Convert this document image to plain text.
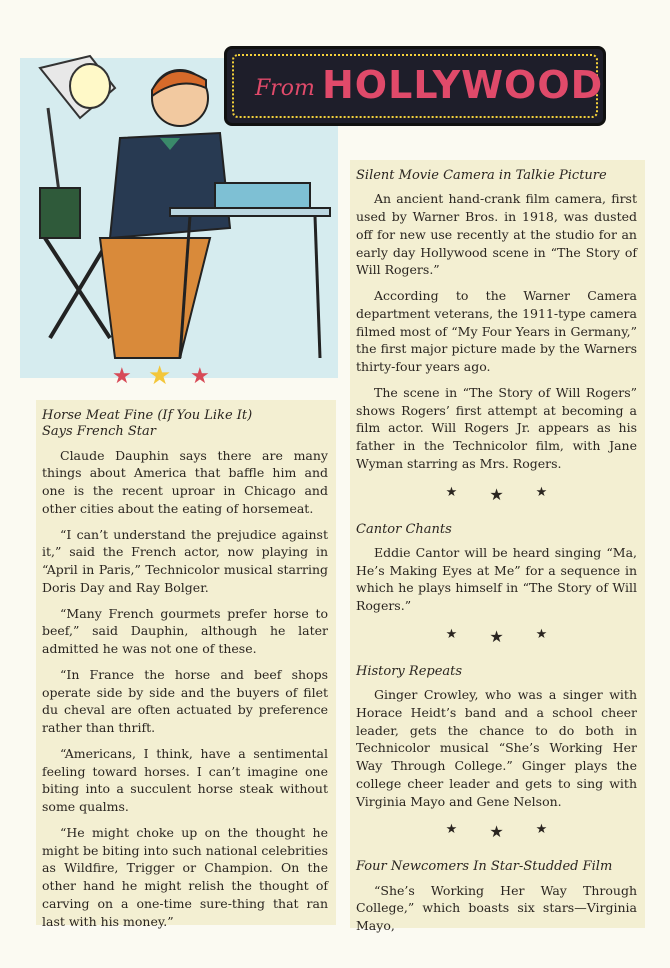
★ ★ ★
From HOLLYWOOD
Silent Movie Camera in Talkie Picture

An ancient hand-crank film camera, first used by Warner Bros. in 1918, was dusted off for new use recently at the studio for an early day Hollywood scene in “The Story of Will Rogers.”

According to the Warner Camera department veterans, the 1911-type camera filmed most of “My Four Years in Germany,” the first major picture made by the Warners thirty-four years ago.

The scene in “The Story of Will Rogers” shows Rogers’ first attempt at becoming a film actor. Will Rogers Jr. appears as his father in the Technicolor film, with Jane Wyman starring as Mrs. Rogers.

★ ★ ★
Cantor Chants

Eddie Cantor will be heard singing “Ma, He’s Making Eyes at Me” for a sequence in which he plays himself in “The Story of Will Rogers.”

★ ★ ★
History Repeats

Ginger Crowley, who was a singer with Horace Heidt’s band and a school cheer leader, gets the chance to do both in Technicolor musical “She’s Working Her Way Through College.” Ginger plays the college cheer leader and gets to sing with Virginia Mayo and Gene Nelson.

★ ★ ★
Four Newcomers In Star-Studded Film

“She’s Working Her Way Through College,” which boasts six stars—Virginia Mayo,

Horse Meat Fine (If You Like It)
Says French Star

Claude Dauphin says there are many things about America that baffle him and one is the recent uproar in Chicago and other cities about the eating of horsemeat.

“I can’t understand the prejudice against it,” said the French actor, now playing in “April in Paris,” Technicolor musical starring Doris Day and Ray Bolger.

“Many French gourmets prefer horse to beef,” said Dauphin, although he later admitted he was not one of these.

“In France the horse and beef shops operate side by side and the buyers of filet du cheval are often actuated by preference rather than thrift.

“Americans, I think, have a sentimental feeling toward horses. I can’t imagine one biting into a succulent horse steak without some qualms.

“He might choke up on the thought he might be biting into such national celebrities as Wildfire, Trigger or Champion. On the other hand he might relish the thought of carving on a one-time sure-thing that ran last with his money.”
